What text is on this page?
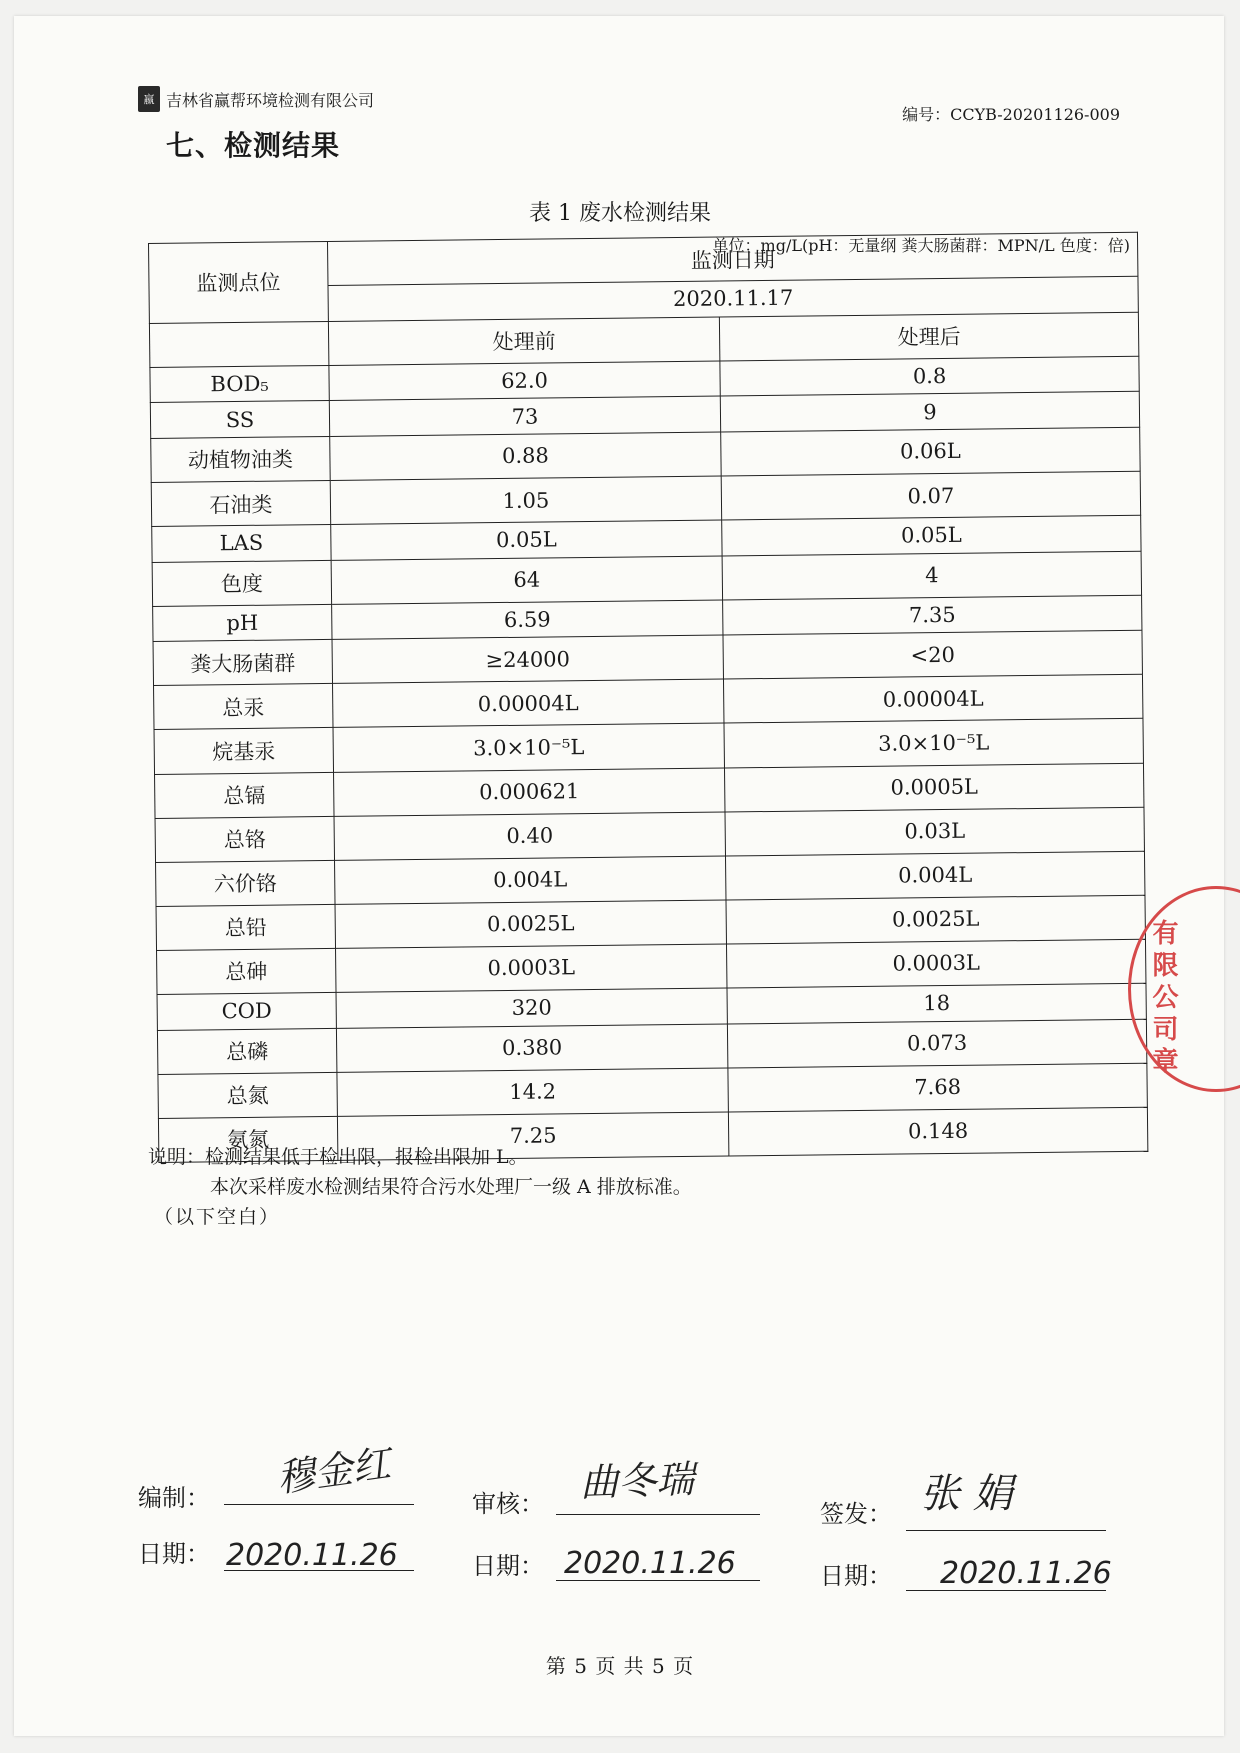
嬴 吉林省赢帮环境检测有限公司
编号：CCYB-20201126-009
七、检测结果
表 1 废水检测结果
单位：mg/L(pH：无量纲 粪大肠菌群：MPN/L 色度：倍)
监测点位	监测日期	
	2020.11.17	
	处理前	处理后
BOD₅	62.0	0.8
SS	73	9
动植物油类	0.88	0.06L
石油类	1.05	0.07
LAS	0.05L	0.05L
色度	64	4
pH	6.59	7.35
粪大肠菌群	≥24000	<20
总汞	0.00004L	0.00004L
烷基汞	3.0×10⁻⁵L	3.0×10⁻⁵L
总镉	0.000621	0.0005L
总铬	0.40	0.03L
六价铬	0.004L	0.004L
总铅	0.0025L	0.0025L
总砷	0.0003L	0.0003L
COD	320	18
总磷	0.380	0.073
总氮	14.2	7.68
氨氮	7.25	0.148
说明：检测结果低于检出限，报检出限加 L。
本次采样废水检测结果符合污水处理厂一级 A 排放标准。
（以下空白）
有限公司章
编制： 穆金红
日期： 2020.11.26
审核： 曲冬瑞
日期： 2020.11.26
签发： 张 娟
日期： 2020.11.26
第 5 页 共 5 页
